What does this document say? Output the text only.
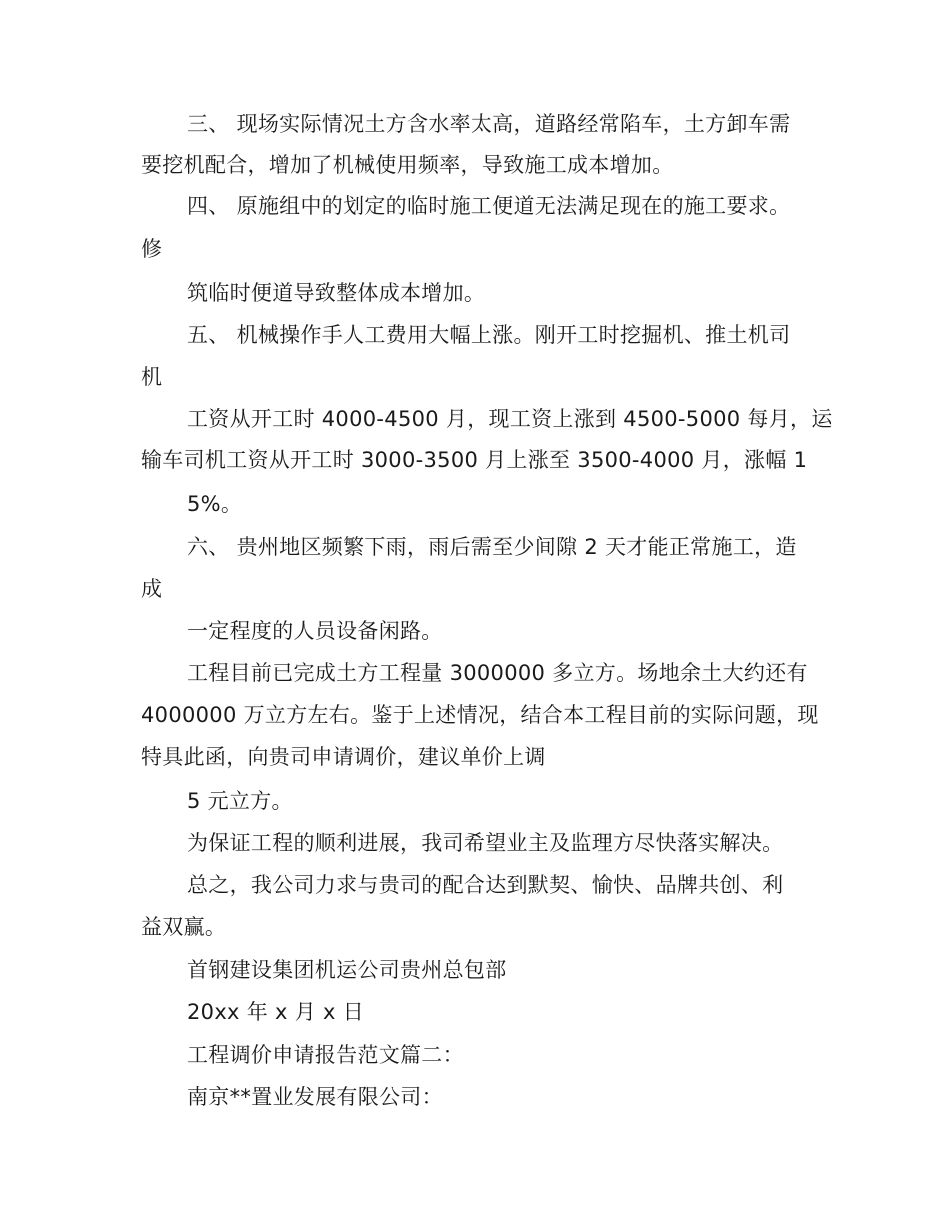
三、 现场实际情况土方含水率太高，道路经常陷车，土方卸车需
要挖机配合，增加了机械使用频率，导致施工成本增加。
四、 原施组中的划定的临时施工便道无法满足现在的施工要求。
修
筑临时便道导致整体成本增加。
五、 机械操作手人工费用大幅上涨。刚开工时挖掘机、推土机司
机
工资从开工时 4000-4500 月，现工资上涨到 4500-5000 每月，运
输车司机工资从开工时 3000-3500 月上涨至 3500-4000 月，涨幅 1
5%。
六、 贵州地区频繁下雨，雨后需至少间隙 2 天才能正常施工，造
成
一定程度的人员设备闲路。
工程目前已完成土方工程量 3000000 多立方。场地余土大约还有
4000000 万立方左右。鉴于上述情况，结合本工程目前的实际问题，现
特具此函，向贵司申请调价，建议单价上调
5 元立方。
为保证工程的顺利进展，我司希望业主及监理方尽快落实解决。
总之，我公司力求与贵司的配合达到默契、愉快、品牌共创、利
益双赢。
首钢建设集团机运公司贵州总包部
20xx 年 x 月 x 日
工程调价申请报告范文篇二：
南京**置业发展有限公司：
